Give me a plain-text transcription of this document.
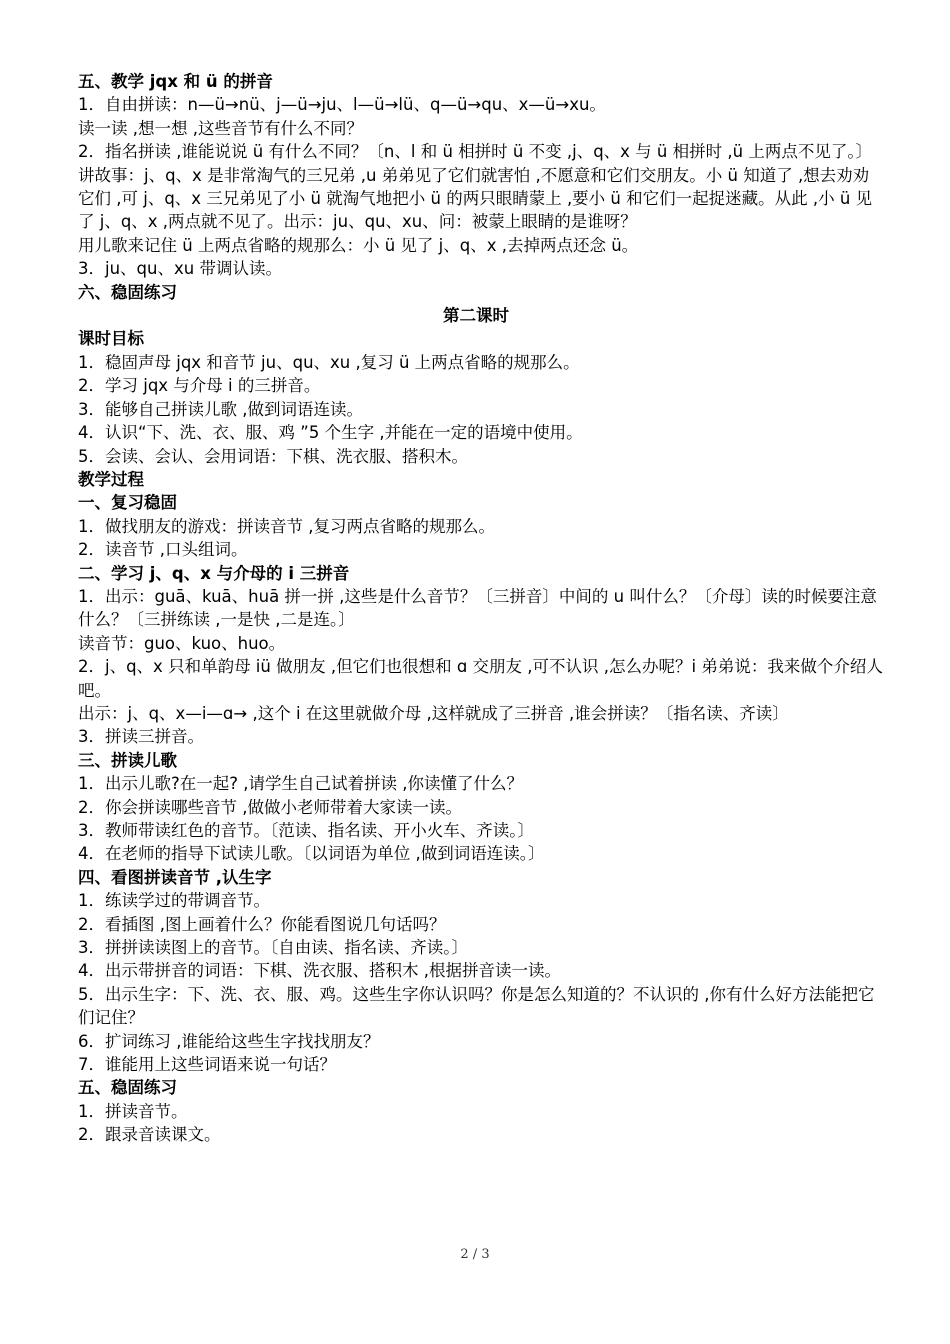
五、教学 jqx 和 ü 的拼音

1．自由拼读：n—ü→nü、j—ü→ju、l—ü→lü、q—ü→qu、x—ü→xu。

读一读 ,想一想 ,这些音节有什么不同？

2．指名拼读 ,谁能说说 ü 有什么不同？〔n、l 和 ü 相拼时 ü 不变 ,j、q、x 与 ü 相拼时 ,ü 上两点不见了。〕

讲故事：j、q、x 是非常淘气的三兄弟 ,u 弟弟见了它们就害怕 ,不愿意和它们交朋友。小 ü 知道了 ,想去劝劝它们 ,可 j、q、x 三兄弟见了小 ü 就淘气地把小 ü 的两只眼睛蒙上 ,要小 ü 和它们一起捉迷藏。从此 ,小 ü 见了 j、q、x ,两点就不见了。出示：ju、qu、xu、问：被蒙上眼睛的是谁呀？

用儿歌来记住 ü 上两点省略的规那么：小 ü 见了 j、q、x ,去掉两点还念 ü。

3．ju、qu、xu 带调认读。

六、稳固练习

第二课时

课时目标

1．稳固声母 jqx 和音节 ju、qu、xu ,复习 ü 上两点省略的规那么。

2．学习 jqx 与介母 i 的三拼音。

3．能够自己拼读儿歌 ,做到词语连读。

4．认识“下、洗、衣、服、鸡 ”5 个生字 ,并能在一定的语境中使用。

5．会读、会认、会用词语：下棋、洗衣服、搭积木。

教学过程

一、复习稳固

1．做找朋友的游戏：拼读音节 ,复习两点省略的规那么。

2．读音节 ,口头组词。

二、学习 j、q、x 与介母的 i 三拼音

1．出示：guā、kuā、huā 拼一拼 ,这些是什么音节？〔三拼音〕中间的 u 叫什么？〔介母〕读的时候要注意什么？〔三拼练读 ,一是快 ,二是连。〕

读音节：guo、kuo、huo。

2．j、q、x 只和单韵母 iü 做朋友 ,但它们也很想和 ɑ 交朋友 ,可不认识 ,怎么办呢？i 弟弟说：我来做个介绍人吧。

出示：j、q、x—i—ɑ→ ,这个 i 在这里就做介母 ,这样就成了三拼音 ,谁会拼读？〔指名读、齐读〕

3．拼读三拼音。

三、拼读儿歌

1．出示儿歌?在一起? ,请学生自己试着拼读 ,你读懂了什么？

2．你会拼读哪些音节 ,做做小老师带着大家读一读。

3．教师带读红色的音节。〔范读、指名读、开小火车、齐读。〕

4．在老师的指导下试读儿歌。〔以词语为单位 ,做到词语连读。〕

四、看图拼读音节 ,认生字

1．练读学过的带调音节。

2．看插图 ,图上画着什么？你能看图说几句话吗？

3．拼拼读读图上的音节。〔自由读、指名读、齐读。〕

4．出示带拼音的词语：下棋、洗衣服、搭积木 ,根据拼音读一读。

5．出示生字：下、洗、衣、服、鸡。这些生字你认识吗？你是怎么知道的？不认识的 ,你有什么好方法能把它们记住？

6．扩词练习 ,谁能给这些生字找找朋友？

7．谁能用上这些词语来说一句话？

五、稳固练习

1．拼读音节。

2．跟录音读课文。

2 / 3
